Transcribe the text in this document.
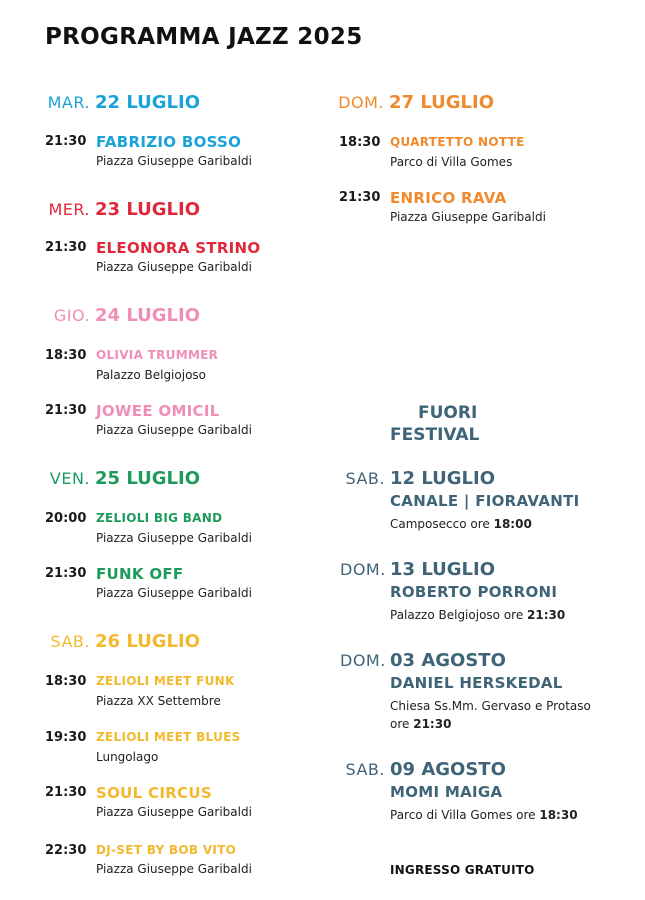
PROGRAMMA JAZZ 2025
MAR. 22 LUGLIO
21:30 FABRIZIO BOSSO
Piazza Giuseppe Garibaldi
MER. 23 LUGLIO
21:30 ELEONORA STRINO
Piazza Giuseppe Garibaldi
GIO. 24 LUGLIO
18:30 OLIVIA TRUMMER
Palazzo Belgiojoso
21:30 JOWEE OMICIL
Piazza Giuseppe Garibaldi
VEN. 25 LUGLIO
20:00 ZELIOLI BIG BAND
Piazza Giuseppe Garibaldi
21:30 FUNK OFF
Piazza Giuseppe Garibaldi
SAB. 26 LUGLIO
18:30 ZELIOLI MEET FUNK
Piazza XX Settembre
19:30 ZELIOLI MEET BLUES
Lungolago
21:30 SOUL CIRCUS
Piazza Giuseppe Garibaldi
22:30 DJ-SET BY BOB VITO
Piazza Giuseppe Garibaldi
DOM. 27 LUGLIO
18:30 QUARTETTO NOTTE
Parco di Villa Gomes
21:30 ENRICO RAVA
Piazza Giuseppe Garibaldi
FUORI
FESTIVAL
SAB. 12 LUGLIO
CANALE | FIORAVANTI
Camposecco ore 18:00
DOM. 13 LUGLIO
ROBERTO PORRONI
Palazzo Belgiojoso ore 21:30
DOM. 03 AGOSTO
DANIEL HERSKEDAL
Chiesa Ss.Mm. Gervaso e Protaso
ore 21:30
SAB. 09 AGOSTO
MOMI MAIGA
Parco di Villa Gomes ore 18:30
INGRESSO GRATUITO
